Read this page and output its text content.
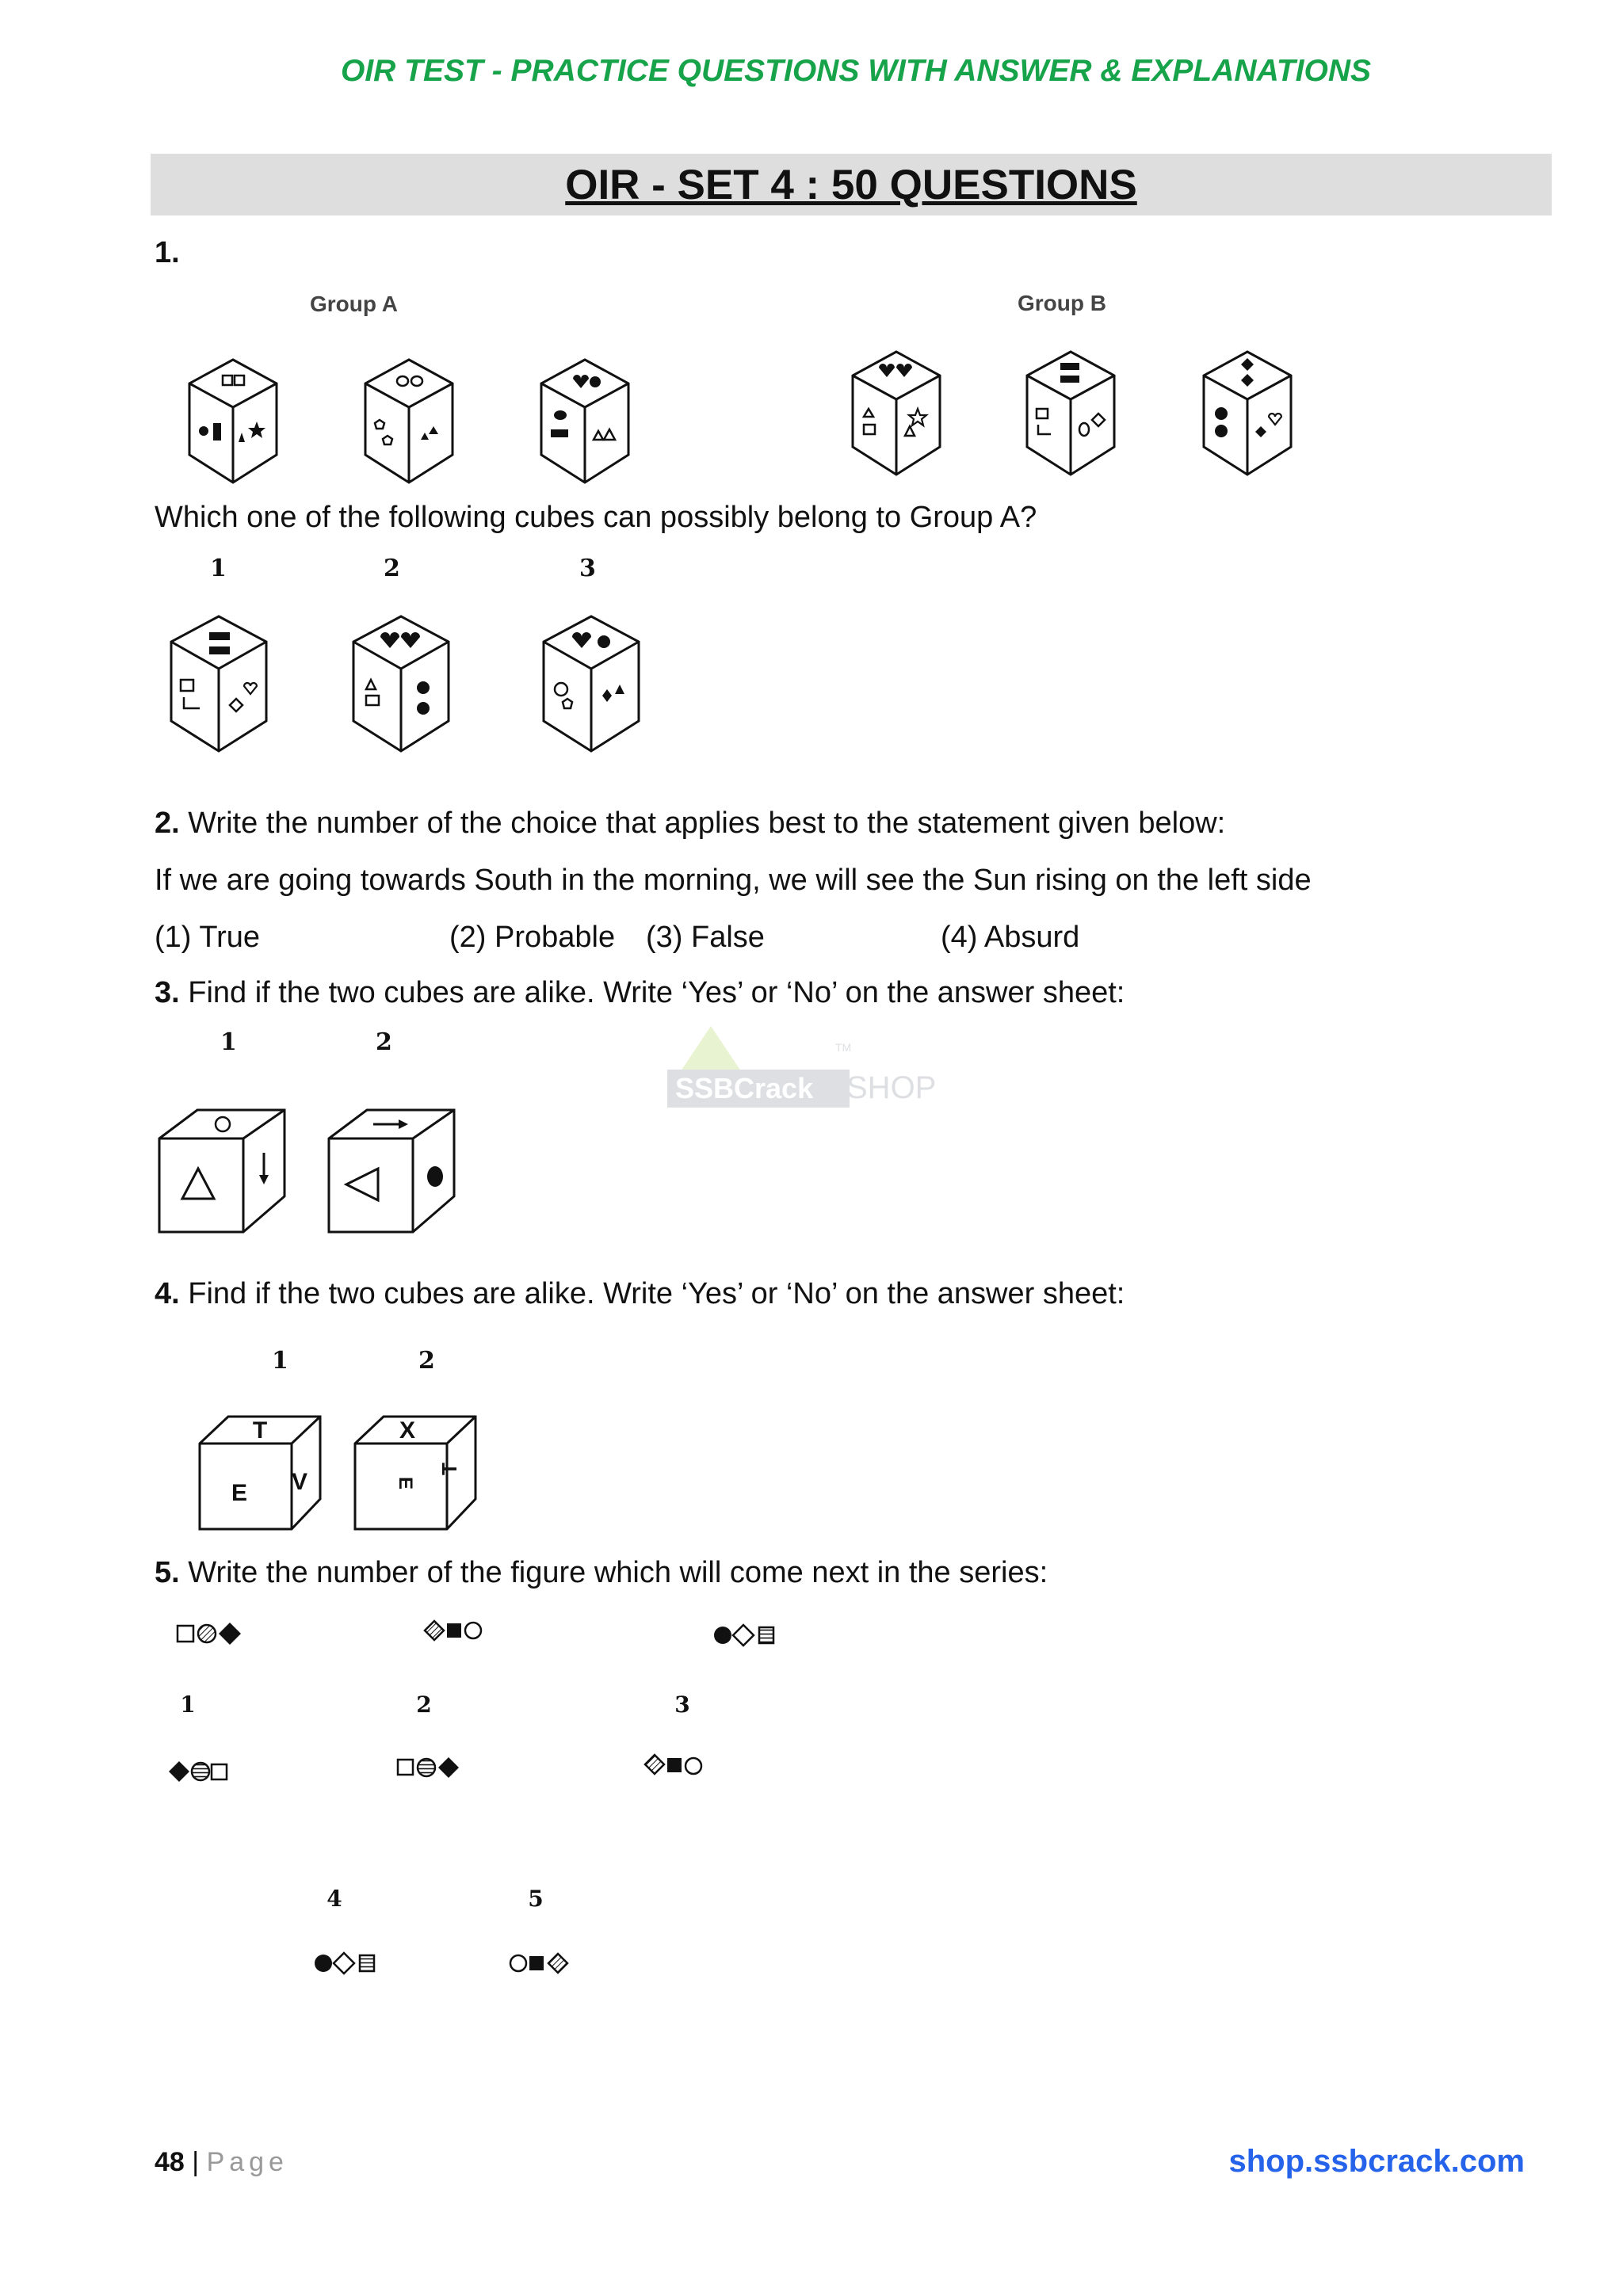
OIR TEST - PRACTICE QUESTIONS WITH ANSWER & EXPLANATIONS
OIR - SET 4 : 50 QUESTIONS
1.
Group A	Group B
Which one of the following cubes can possibly belong to Group A?
1	2	3
2. Write the number of the choice that applies best to the statement given below:
If we are going towards South in the morning, we will see the Sun rising on the left side
(1) True	(2) Probable (3) False	(4) Absurd
3. Find if the two cubes are alike. Write ‘Yes’ or ‘No’ on the answer sheet:
1	2
SSBCrack SHOP
TM
4. Find if the two cubes are alike. Write ‘Yes’ or ‘No’ on the answer sheet:
1	2
T
E V
X
E
T
5. Write the number of the figure which will come next in the series:
1	2	3
4	5
48 | Page	shop.ssbcrack.com
